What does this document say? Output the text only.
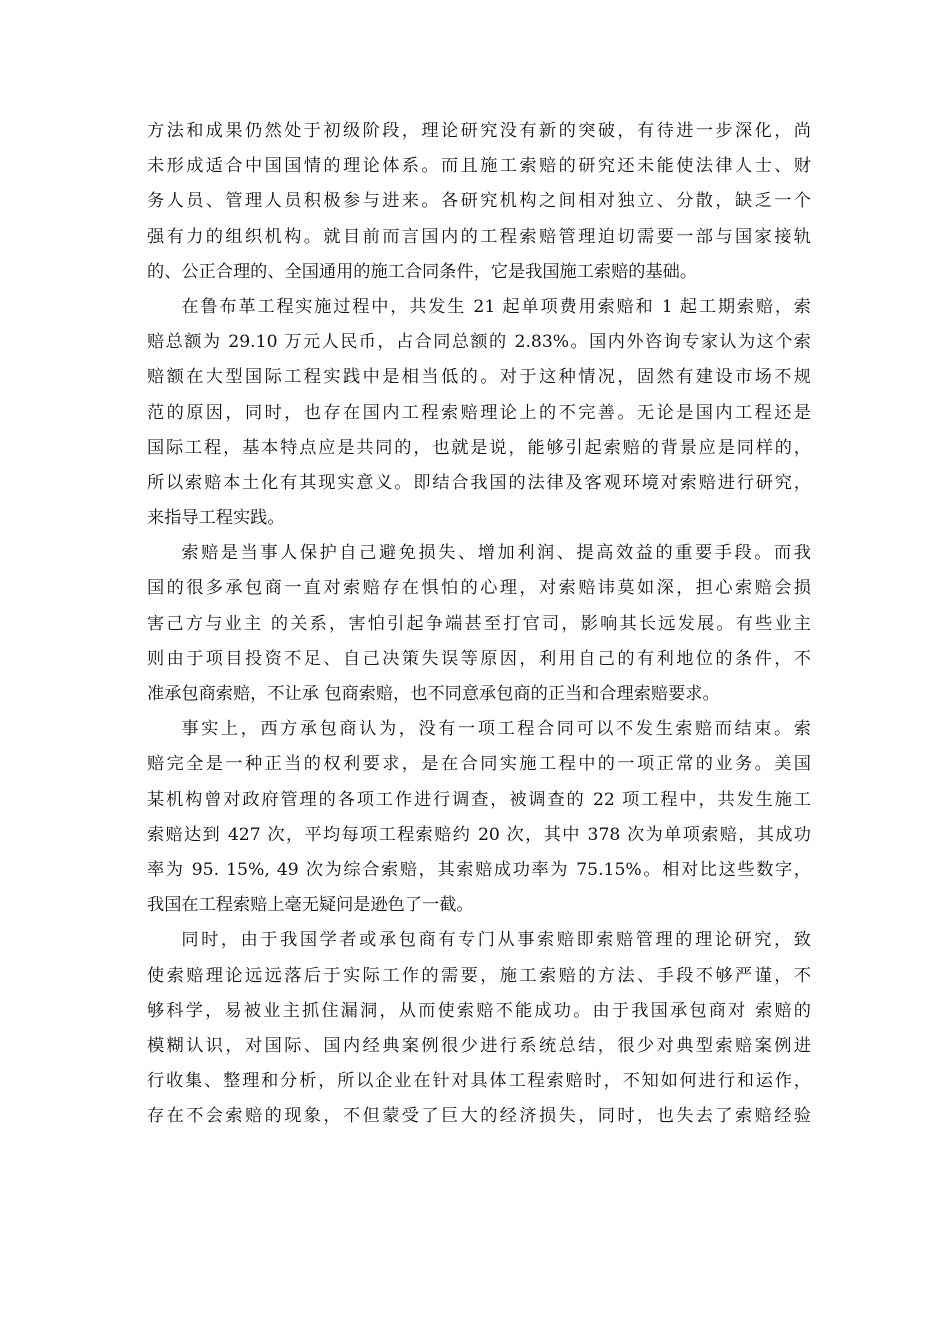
方法和成果仍然处于初级阶段，理论研究没有新的突破，有待进一步深化，尚
未形成适合中国国情的理论体系。而且施工索赔的研究还未能使法律人士、财
务人员、管理人员积极参与进来。各研究机构之间相对独立、分散，缺乏一个
强有力的组织机构。就目前而言国内的工程索赔管理迫切需要一部与国家接轨
的、公正合理的、全国通用的施工合同条件，它是我国施工索赔的基础。
在鲁布革工程实施过程中，共发生 21 起单项费用索赔和 1 起工期索赔，索
赔总额为 29.10 万元人民币，占合同总额的 2.83%。国内外咨询专家认为这个索
赔额在大型国际工程实践中是相当低的。对于这种情况，固然有建设市场不规
范的原因，同时，也存在国内工程索赔理论上的不完善。无论是国内工程还是
国际工程，基本特点应是共同的，也就是说，能够引起索赔的背景应是同样的，
所以索赔本土化有其现实意义。即结合我国的法律及客观环境对索赔进行研究，
来指导工程实践。
索赔是当事人保护自己避免损失、增加利润、提高效益的重要手段。而我
国的很多承包商一直对索赔存在惧怕的心理，对索赔讳莫如深，担心索赔会损
害己方与业主 的关系，害怕引起争端甚至打官司，影响其长远发展。有些业主
则由于项目投资不足、自己决策失误等原因，利用自己的有利地位的条件，不
准承包商索赔，不让承 包商索赔，也不同意承包商的正当和合理索赔要求。
事实上，西方承包商认为，没有一项工程合同可以不发生索赔而结束。索
赔完全是一种正当的权利要求，是在合同实施工程中的一项正常的业务。美国
某机构曾对政府管理的各项工作进行调查，被调查的 22 项工程中，共发生施工
索赔达到 427 次，平均每项工程索赔约 20 次，其中 378 次为单项索赔，其成功
率为 95. 15%, 49 次为综合索赔，其索赔成功率为 75.15%。相对比这些数字，
我国在工程索赔上毫无疑问是逊色了一截。
同时，由于我国学者或承包商有专门从事索赔即索赔管理的理论研究，致
使索赔理论远远落后于实际工作的需要，施工索赔的方法、手段不够严谨，不
够科学，易被业主抓住漏洞，从而使索赔不能成功。由于我国承包商对 索赔的
模糊认识，对国际、国内经典案例很少进行系统总结，很少对典型索赔案例进
行收集、整理和分析，所以企业在针对具体工程索赔时，不知如何进行和运作，
存在不会索赔的现象，不但蒙受了巨大的经济损失，同时，也失去了索赔经验
